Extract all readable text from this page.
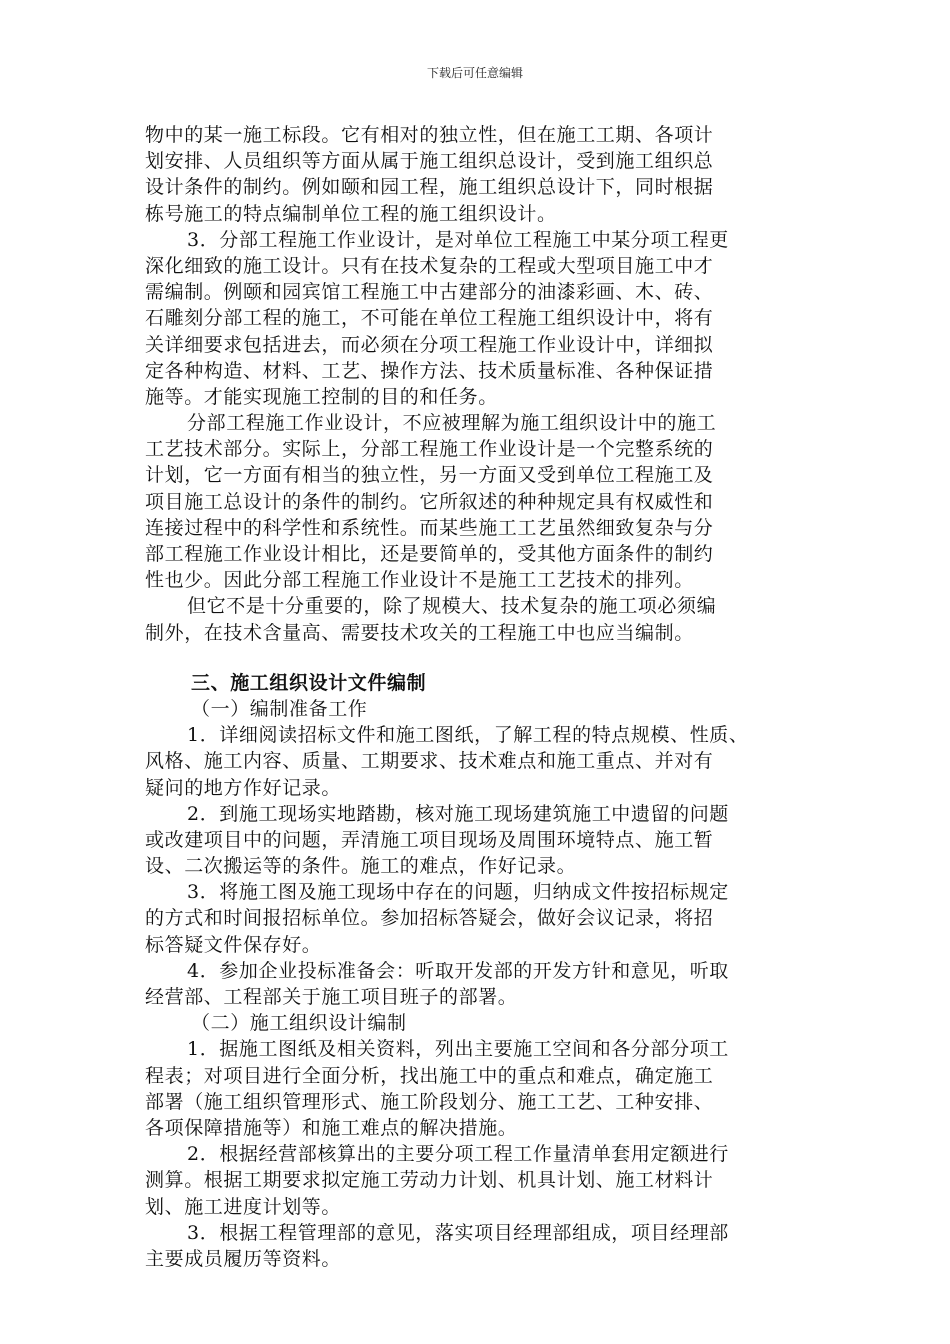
下载后可任意编辑
物中的某一施工标段。它有相对的独立性，但在施工工期、各项计
划安排、人员组织等方面从属于施工组织总设计，受到施工组织总
设计条件的制约。例如颐和园工程，施工组织总设计下，同时根据
栋号施工的特点编制单位工程的施工组织设计。
3．分部工程施工作业设计，是对单位工程施工中某分项工程更
深化细致的施工设计。只有在技术复杂的工程或大型项目施工中才
需编制。例颐和园宾馆工程施工中古建部分的油漆彩画、木、砖、
石雕刻分部工程的施工，不可能在单位工程施工组织设计中，将有
关详细要求包括进去，而必须在分项工程施工作业设计中，详细拟
定各种构造、材料、工艺、操作方法、技术质量标准、各种保证措
施等。才能实现施工控制的目的和任务。
分部工程施工作业设计，不应被理解为施工组织设计中的施工
工艺技术部分。实际上，分部工程施工作业设计是一个完整系统的
计划，它一方面有相当的独立性，另一方面又受到单位工程施工及
项目施工总设计的条件的制约。它所叙述的种种规定具有权威性和
连接过程中的科学性和系统性。而某些施工工艺虽然细致复杂与分
部工程施工作业设计相比，还是要简单的，受其他方面条件的制约
性也少。因此分部工程施工作业设计不是施工工艺技术的排列。
但它不是十分重要的，除了规模大、技术复杂的施工项必须编
制外，在技术含量高、需要技术攻关的工程施工中也应当编制。
三、施工组织设计文件编制
（一）编制准备工作
1．详细阅读招标文件和施工图纸，了解工程的特点规模、性质、
风格、施工内容、质量、工期要求、技术难点和施工重点、并对有
疑问的地方作好记录。
2．到施工现场实地踏勘，核对施工现场建筑施工中遗留的问题
或改建项目中的问题，弄清施工项目现场及周围环境特点、施工暂
设、二次搬运等的条件。施工的难点，作好记录。
3．将施工图及施工现场中存在的问题，归纳成文件按招标规定
的方式和时间报招标单位。参加招标答疑会，做好会议记录，将招
标答疑文件保存好。
4．参加企业投标准备会：听取开发部的开发方针和意见，听取
经营部、工程部关于施工项目班子的部署。
（二）施工组织设计编制
1．据施工图纸及相关资料，列出主要施工空间和各分部分项工
程表；对项目进行全面分析，找出施工中的重点和难点，确定施工
部署（施工组织管理形式、施工阶段划分、施工工艺、工种安排、
各项保障措施等）和施工难点的解决措施。
2．根据经营部核算出的主要分项工程工作量清单套用定额进行
测算。根据工期要求拟定施工劳动力计划、机具计划、施工材料计
划、施工进度计划等。
3．根据工程管理部的意见，落实项目经理部组成，项目经理部
主要成员履历等资料。
